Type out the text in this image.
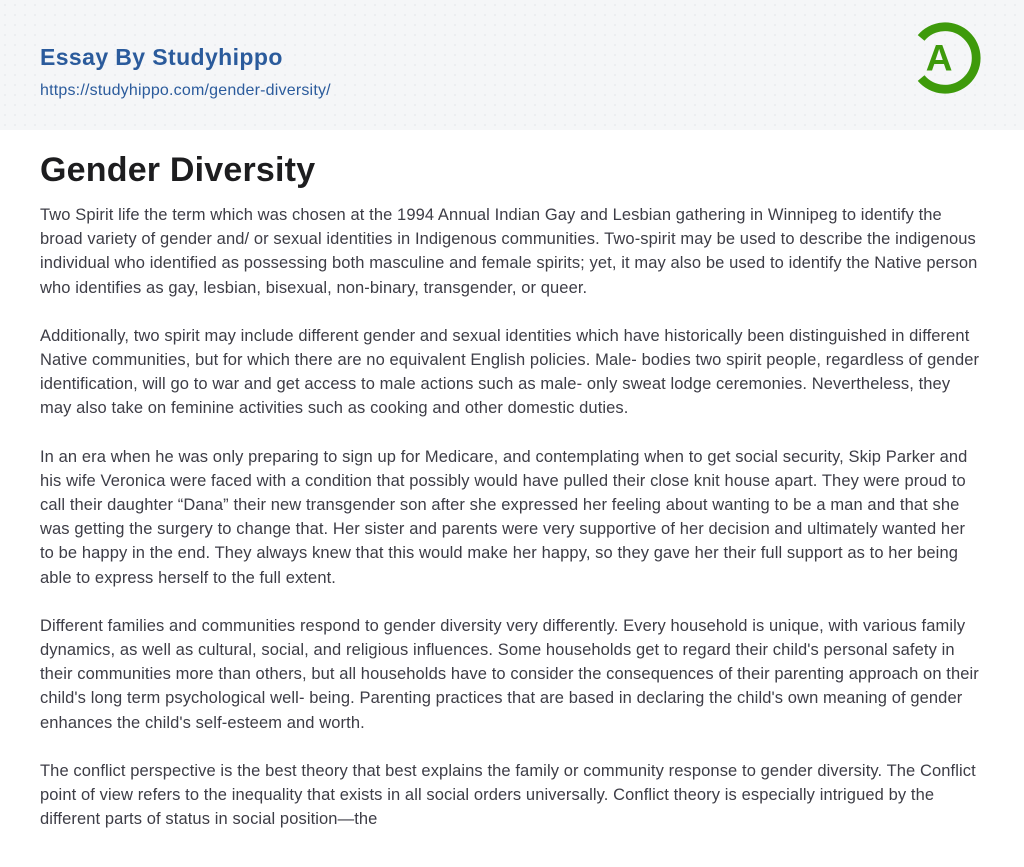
Essay By Studyhippo
https://studyhippo.com/gender-diversity/
A
Gender Diversity

Two Spirit life the term which was chosen at the 1994 Annual Indian Gay and Lesbian gathering in Winnipeg to identify the broad variety of gender and/ or sexual identities in Indigenous communities. Two-spirit may be used to describe the indigenous individual who identified as possessing both masculine and female spirits; yet, it may also be used to identify the Native person who identifies as gay, lesbian, bisexual, non-binary, transgender, or queer.

Additionally, two spirit may include different gender and sexual identities which have historically been distinguished in different Native communities, but for which there are no equivalent English policies. Male- bodies two spirit people, regardless of gender identification, will go to war and get access to male actions such as male- only sweat lodge ceremonies. Nevertheless, they may also take on feminine activities such as cooking and other domestic duties.

In an era when he was only preparing to sign up for Medicare, and contemplating when to get social security, Skip Parker and his wife Veronica were faced with a condition that possibly would have pulled their close knit house apart. They were proud to call their daughter “Dana” their new transgender son after she expressed her feeling about wanting to be a man and that she was getting the surgery to change that. Her sister and parents were very supportive of her decision and ultimately wanted her to be happy in the end. They always knew that this would make her happy, so they gave her their full support as to her being able to express herself to the full extent.

Different families and communities respond to gender diversity very differently. Every household is unique, with various family dynamics, as well as cultural, social, and religious influences. Some households get to regard their child's personal safety in their communities more than others, but all households have to consider the consequences of their parenting approach on their child's long term psychological well- being. Parenting practices that are based in declaring the child's own meaning of gender enhances the child's self-esteem and worth.

The conflict perspective is the best theory that best explains the family or community response to gender diversity. The Conflict point of view refers to the inequality that exists in all social orders universally. Conflict theory is especially intrigued by the different parts of status in social position—the
